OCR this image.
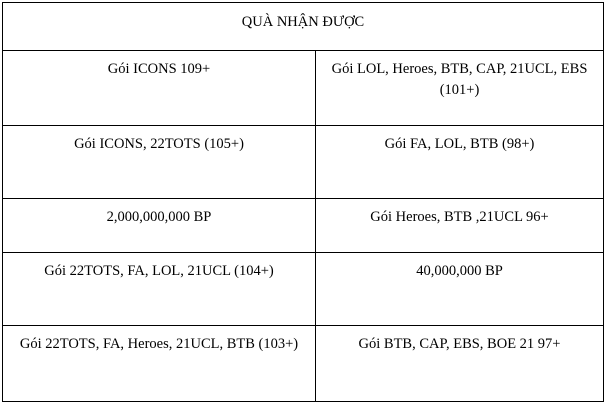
QUÀ NHẬN ĐƯỢC	

Gói ICONS 109+	Gói LOL, Heroes, BTB, CAP, 21UCL, EBS (101+)

Gói ICONS, 22TOTS (105+)	Gói FA, LOL, BTB (98+)

2,000,000,000 BP	Gói Heroes, BTB ,21UCL 96+

Gói 22TOTS, FA, LOL, 21UCL (104+)	40,000,000 BP

Gói 22TOTS, FA, Heroes, 21UCL, BTB (103+)	Gói BTB, CAP, EBS, BOE 21 97+
